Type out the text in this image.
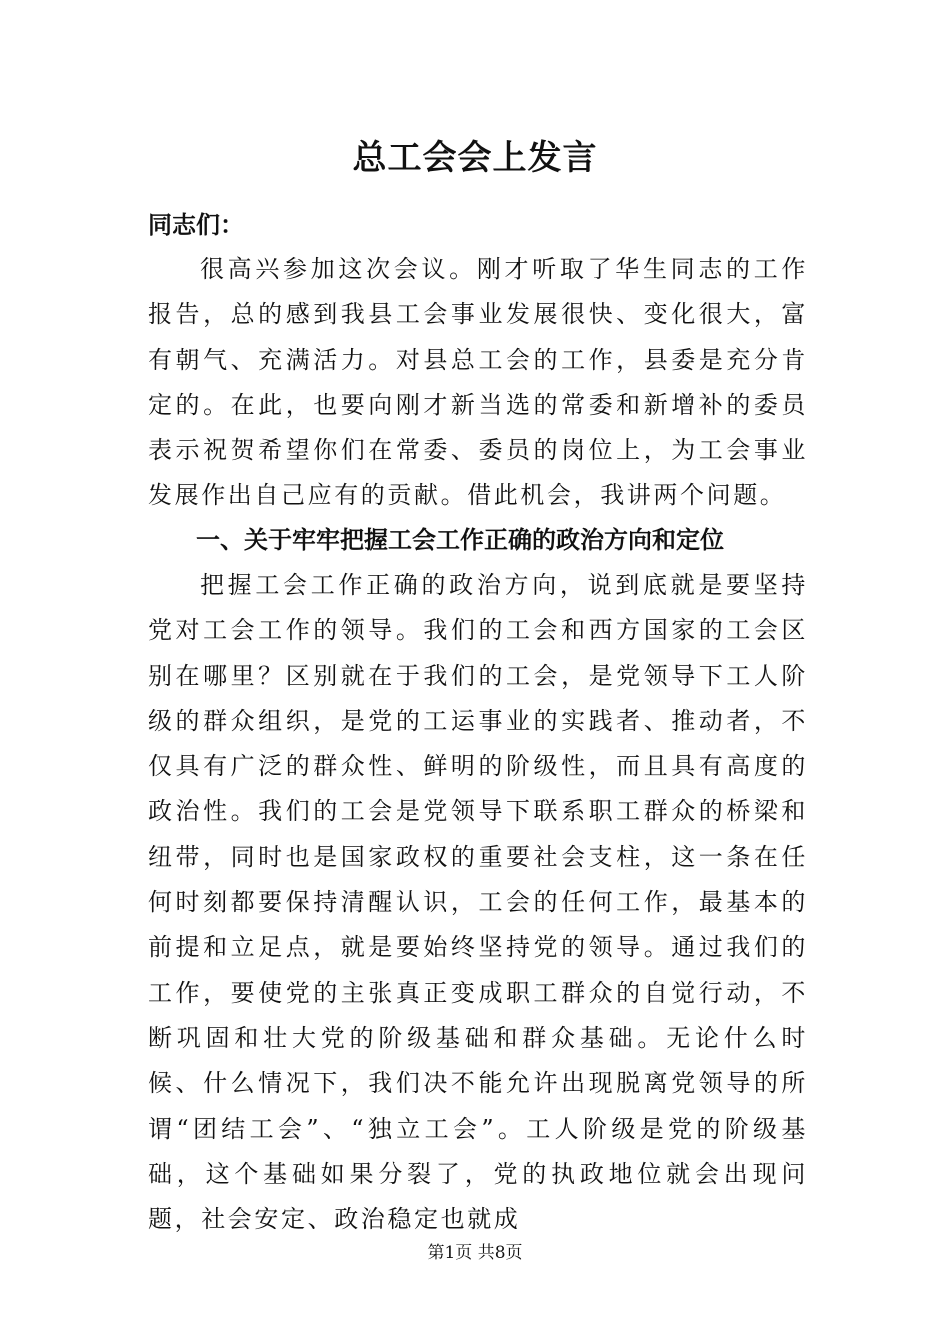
总工会会上发言

同志们：

很高兴参加这次会议。刚才听取了华生同志的工作报告，总的感到我县工会事业发展很快、变化很大，富有朝气、充满活力。对县总工会的工作，县委是充分肯定的。在此，也要向刚才新当选的常委和新增补的委员表示祝贺希望你们在常委、委员的岗位上，为工会事业发展作出自己应有的贡献。借此机会，我讲两个问题。

一、关于牢牢把握工会工作正确的政治方向和定位

把握工会工作正确的政治方向，说到底就是要坚持党对工会工作的领导。我们的工会和西方国家的工会区别在哪里？区别就在于我们的工会，是党领导下工人阶级的群众组织，是党的工运事业的实践者、推动者，不仅具有广泛的群众性、鲜明的阶级性，而且具有高度的政治性。我们的工会是党领导下联系职工群众的桥梁和纽带，同时也是国家政权的重要社会支柱，这一条在任何时刻都要保持清醒认识，工会的任何工作，最基本的前提和立足点，就是要始终坚持党的领导。通过我们的工作，要使党的主张真正变成职工群众的自觉行动，不断巩固和壮大党的阶级基础和群众基础。无论什么时候、什么情况下，我们决不能允许出现脱离党领导的所谓“团结工会”、“独立工会”。工人阶级是党的阶级基础，这个基础如果分裂了，党的执政地位就会出现问题，社会安定、政治稳定也就成

第1页 共8页
